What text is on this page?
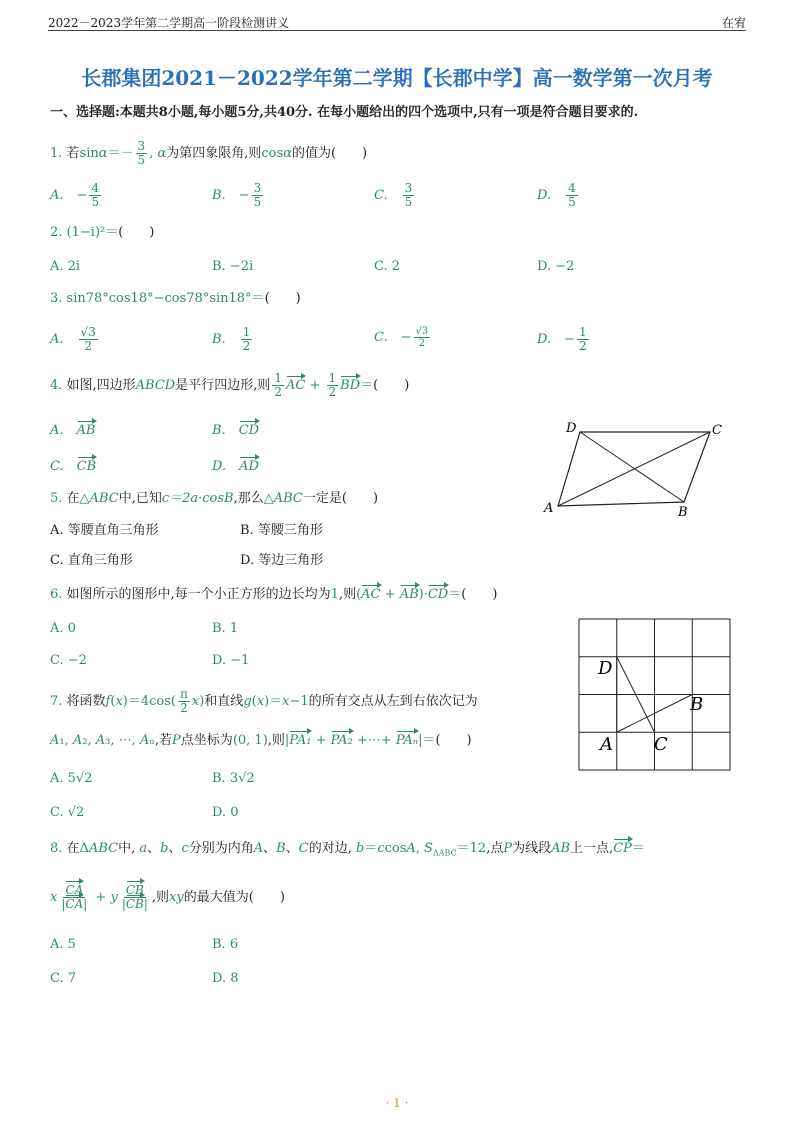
2022－2023学年第二学期高一阶段检测讲义	在宥
长郡集团2021－2022学年第二学期【长郡中学】高一数学第一次月考
一、选择题:本题共8小题,每小题5分,共40分. 在每小题给出的四个选项中,只有一项是符合题目要求的.
1. 若$\sin\alpha=- \frac{3}{5}$ , α为第四象限角,则cosα的值为(　　)
A.　− $\frac{4}{5}$	B.　− $\frac{3}{5}$	C.　 $\frac{3}{5}$	D.　 $\frac{4}{5}$
2. (1−i)²＝(　　)
A. 2i	B. −2i	C. 2	D. −2
3. sin78°cos18°−cos78°sin18°＝(　　)
A.　 $\frac{√3}{2}$	B.　 $\frac{1}{2}$	C.　− $\frac{√3}{2}$	D.　− $\frac{1}{2}$
4. 如图,四边形ABCD是平行四边形,则 $\frac{1}{2}$ AC + $\frac{1}{2} BD=$(　　)
A.　 AB	B.　 CD
C.　 CB	D.　 AD
D	C
A	B
5. 在△ABC中,已知c＝2a·cosB,那么△ABC一定是(　　)
A. 等腰直角三角形	B. 等腰三角形
C. 直角三角形	D. 等边三角形
6. 如图所示的图形中,每一个小正方形的边长均为1,则(AC + AB)·CD＝(　　)
A. 0	B. 1
C. −2	D. −1	D
B
A C
7. 将函数$f(x)=4\cos( \frac{\pi}{2} x)$和直线g(x)＝x−1的所有交点从左到右依次记为
A₁, A₂, A₃, ⋯, Aₙ,若P点坐标为(0, 1),则|PA₁ + PA₂ +⋯+ PAₙ|＝(　　)
A. 5√2	B. 3√2
C. √2	D. 0
8. 在ΔABC中, a、b、c分别为内角A、B、C的对边, b＝ccosA, $S_{\Delta ABC}=12$,点P为线段AB上一点,CP＝
x $\frac{CA}{|CA|} + y \frac{CB}{|CB|}$ ,则xy的最大值为(　　)
A. 5	B. 6
C. 7	D. 8
· 1 ·
